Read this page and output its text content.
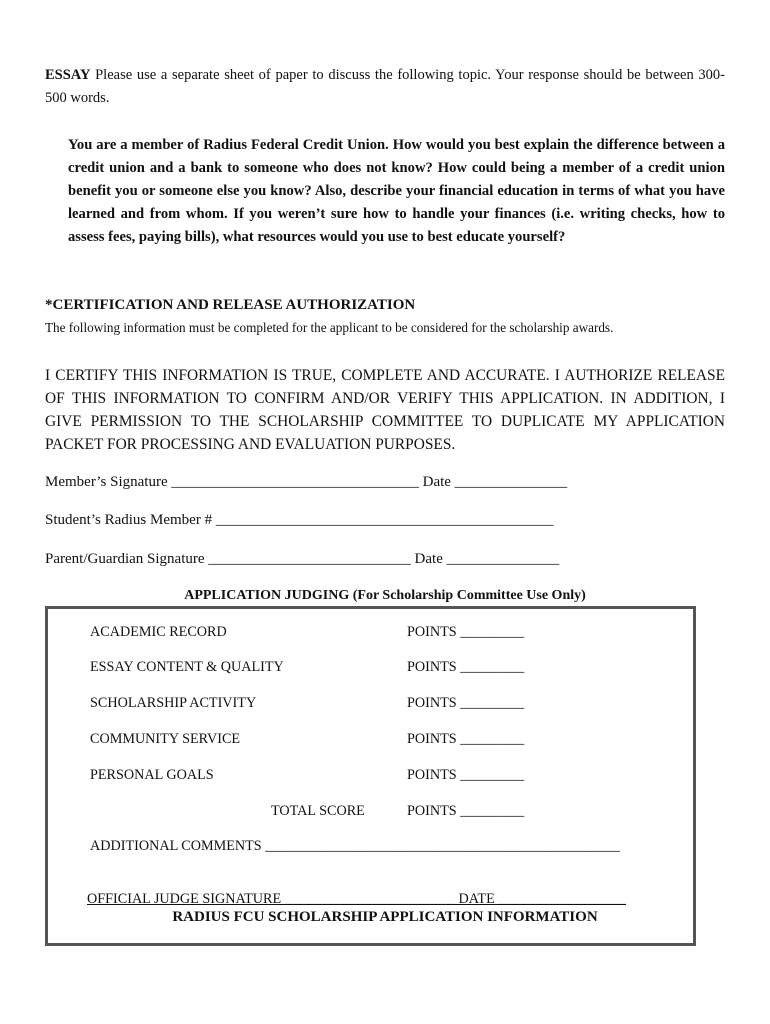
ESSAY Please use a separate sheet of paper to discuss the following topic. Your response should be between 300-500 words.
You are a member of Radius Federal Credit Union. How would you best explain the difference between a credit union and a bank to someone who does not know? How could being a member of a credit union benefit you or someone else you know? Also, describe your financial education in terms of what you have learned and from whom. If you weren’t sure how to handle your finances (i.e. writing checks, how to assess fees, paying bills), what resources would you use to best educate yourself?
*CERTIFICATION AND RELEASE AUTHORIZATION
The following information must be completed for the applicant to be considered for the scholarship awards.
I CERTIFY THIS INFORMATION IS TRUE, COMPLETE AND ACCURATE. I AUTHORIZE RELEASE OF THIS INFORMATION TO CONFIRM AND/OR VERIFY THIS APPLICATION. IN ADDITION, I GIVE PERMISSION TO THE SCHOLARSHIP COMMITTEE TO DUPLICATE MY APPLICATION PACKET FOR PROCESSING AND EVALUATION PURPOSES.
Member’s Signature _________________________________ Date _______________
Student’s Radius Member # _____________________________________________
Parent/Guardian Signature ___________________________ Date _______________
APPLICATION JUDGING (For Scholarship Committee Use Only)
ACADEMIC RECORD	POINTS _________
ESSAY CONTENT & QUALITY	POINTS _________
SCHOLARSHIP ACTIVITY	POINTS _________
COMMUNITY SERVICE	POINTS _________
PERSONAL GOALS	POINTS _________
TOTAL SCORE	POINTS _________
ADDITIONAL COMMENTS __________________________________________________
OFFICIAL JUDGE SIGNATURE ________________________ DATE __________________
RADIUS FCU SCHOLARSHIP APPLICATION INFORMATION
